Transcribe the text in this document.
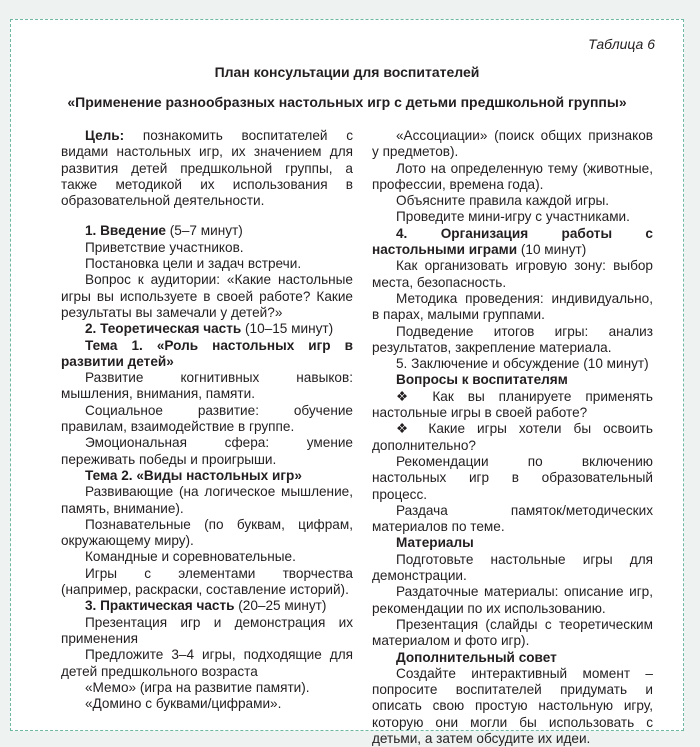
Таблица 6
План консультации для воспитателей
«Применение разнообразных настольных игр с детьми предшкольной группы»

Цель: познакомить воспитателей с видами настольных игр, их значением для развития детей предшкольной группы, а также методикой их использования в образовательной деятельности.

1. Введение (5–7 минут)

Приветствие участников.

Постановка цели и задач встречи.

Вопрос к аудитории: «Какие настольные игры вы используете в своей работе? Какие результаты вы замечали у детей?»

2. Теоретическая часть (10–15 минут)

Тема 1. «Роль настольных игр в развитии детей»

Развитие когнитивных навыков: мышления, внимания, памяти.

Социальное развитие: обучение правилам, взаимодействие в группе.

Эмоциональная сфера: умение переживать победы и проигрыши.

Тема 2. «Виды настольных игр»

Развивающие (на логическое мышление, память, внимание).

Познавательные (по буквам, цифрам, окружающему миру).

Командные и соревновательные.

Игры с элементами творчества (например, раскраски, составление историй).

3. Практическая часть (20–25 минут)

Презентация игр и демонстрация их применения

Предложите 3–4 игры, подходящие для детей предшкольного возраста

«Мемо» (игра на развитие памяти).

«Домино с буквами/цифрами».

«Ассоциации» (поиск общих признаков у предметов).

Лото на определенную тему (животные, профессии, времена года).

Объясните правила каждой игры.

Проведите мини-игру с участниками.

4. Организация работы с настольными играми (10 минут)

Как организовать игровую зону: выбор места, безопасность.

Методика проведения: индивидуально, в парах, малыми группами.

Подведение итогов игры: анализ результатов, закрепление материала.

5. Заключение и обсуждение (10 минут)

Вопросы к воспитателям

❖ Как вы планируете применять настольные игры в своей работе?

❖ Какие игры хотели бы освоить дополнительно?

Рекомендации по включению настольных игр в образовательный процесс.

Раздача памяток/методических материалов по теме.

Материалы

Подготовьте настольные игры для демонстрации.

Раздаточные материалы: описание игр, рекомендации по их использованию.

Презентация (слайды с теоретическим материалом и фото игр).

Дополнительный совет

Создайте интерактивный момент – попросите воспитателей придумать и описать свою простую настольную игру, которую они могли бы использовать с детьми, а затем обсудите их идеи.
